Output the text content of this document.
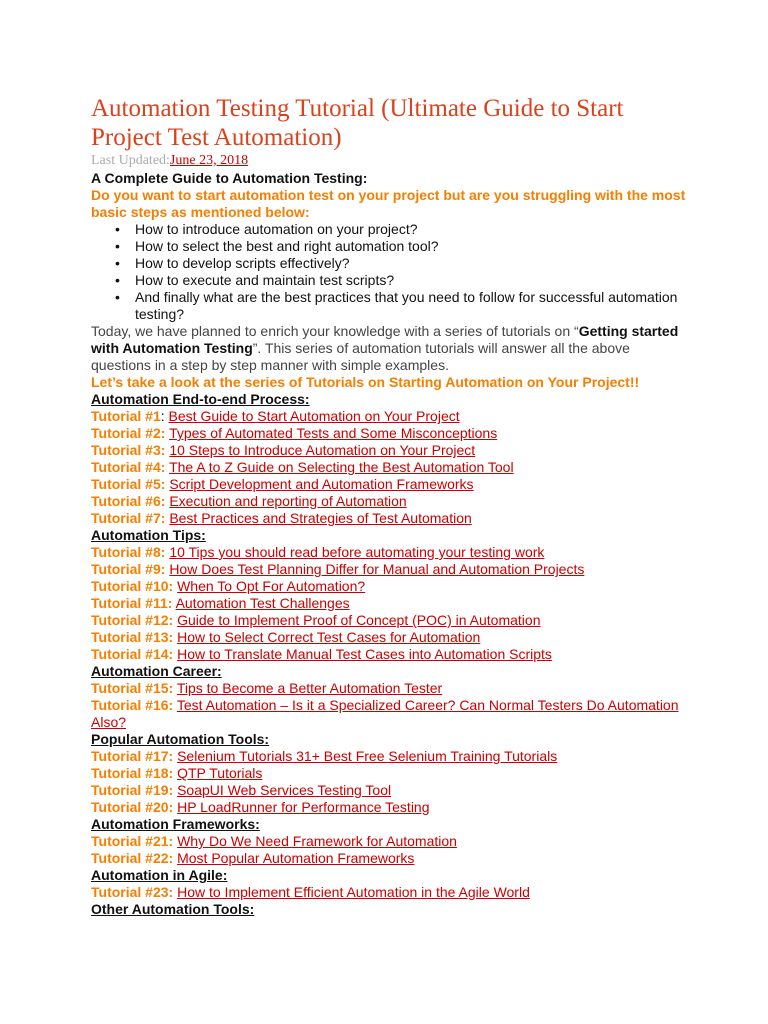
Automation Testing Tutorial (Ultimate Guide to Start Project Test Automation)

Last Updated:June 23, 2018

A Complete Guide to Automation Testing:

Do you want to start automation test on your project but are you struggling with the most basic steps as mentioned below:

• How to introduce automation on your project?
• How to select the best and right automation tool?
• How to develop scripts effectively?
• How to execute and maintain test scripts?
• And finally what are the best practices that you need to follow for successful automation testing?

Today, we have planned to enrich your knowledge with a series of tutorials on “Getting started with Automation Testing”. This series of automation tutorials will answer all the above questions in a step by step manner with simple examples.

Let’s take a look at the series of Tutorials on Starting Automation on Your Project!!

Automation End-to-end Process:

Tutorial #1: Best Guide to Start Automation on Your Project

Tutorial #2: Types of Automated Tests and Some Misconceptions

Tutorial #3: 10 Steps to Introduce Automation on Your Project

Tutorial #4: The A to Z Guide on Selecting the Best Automation Tool

Tutorial #5: Script Development and Automation Frameworks

Tutorial #6: Execution and reporting of Automation

Tutorial #7: Best Practices and Strategies of Test Automation

Automation Tips:

Tutorial #8: 10 Tips you should read before automating your testing work

Tutorial #9: How Does Test Planning Differ for Manual and Automation Projects

Tutorial #10: When To Opt For Automation?

Tutorial #11: Automation Test Challenges

Tutorial #12: Guide to Implement Proof of Concept (POC) in Automation

Tutorial #13: How to Select Correct Test Cases for Automation

Tutorial #14: How to Translate Manual Test Cases into Automation Scripts

Automation Career:

Tutorial #15: Tips to Become a Better Automation Tester

Tutorial #16: Test Automation – Is it a Specialized Career? Can Normal Testers Do Automation Also?

Popular Automation Tools:

Tutorial #17: Selenium Tutorials 31+ Best Free Selenium Training Tutorials

Tutorial #18: QTP Tutorials

Tutorial #19: SoapUI Web Services Testing Tool

Tutorial #20: HP LoadRunner for Performance Testing

Automation Frameworks:

Tutorial #21: Why Do We Need Framework for Automation

Tutorial #22: Most Popular Automation Frameworks

Automation in Agile:

Tutorial #23: How to Implement Efficient Automation in the Agile World

Other Automation Tools:
